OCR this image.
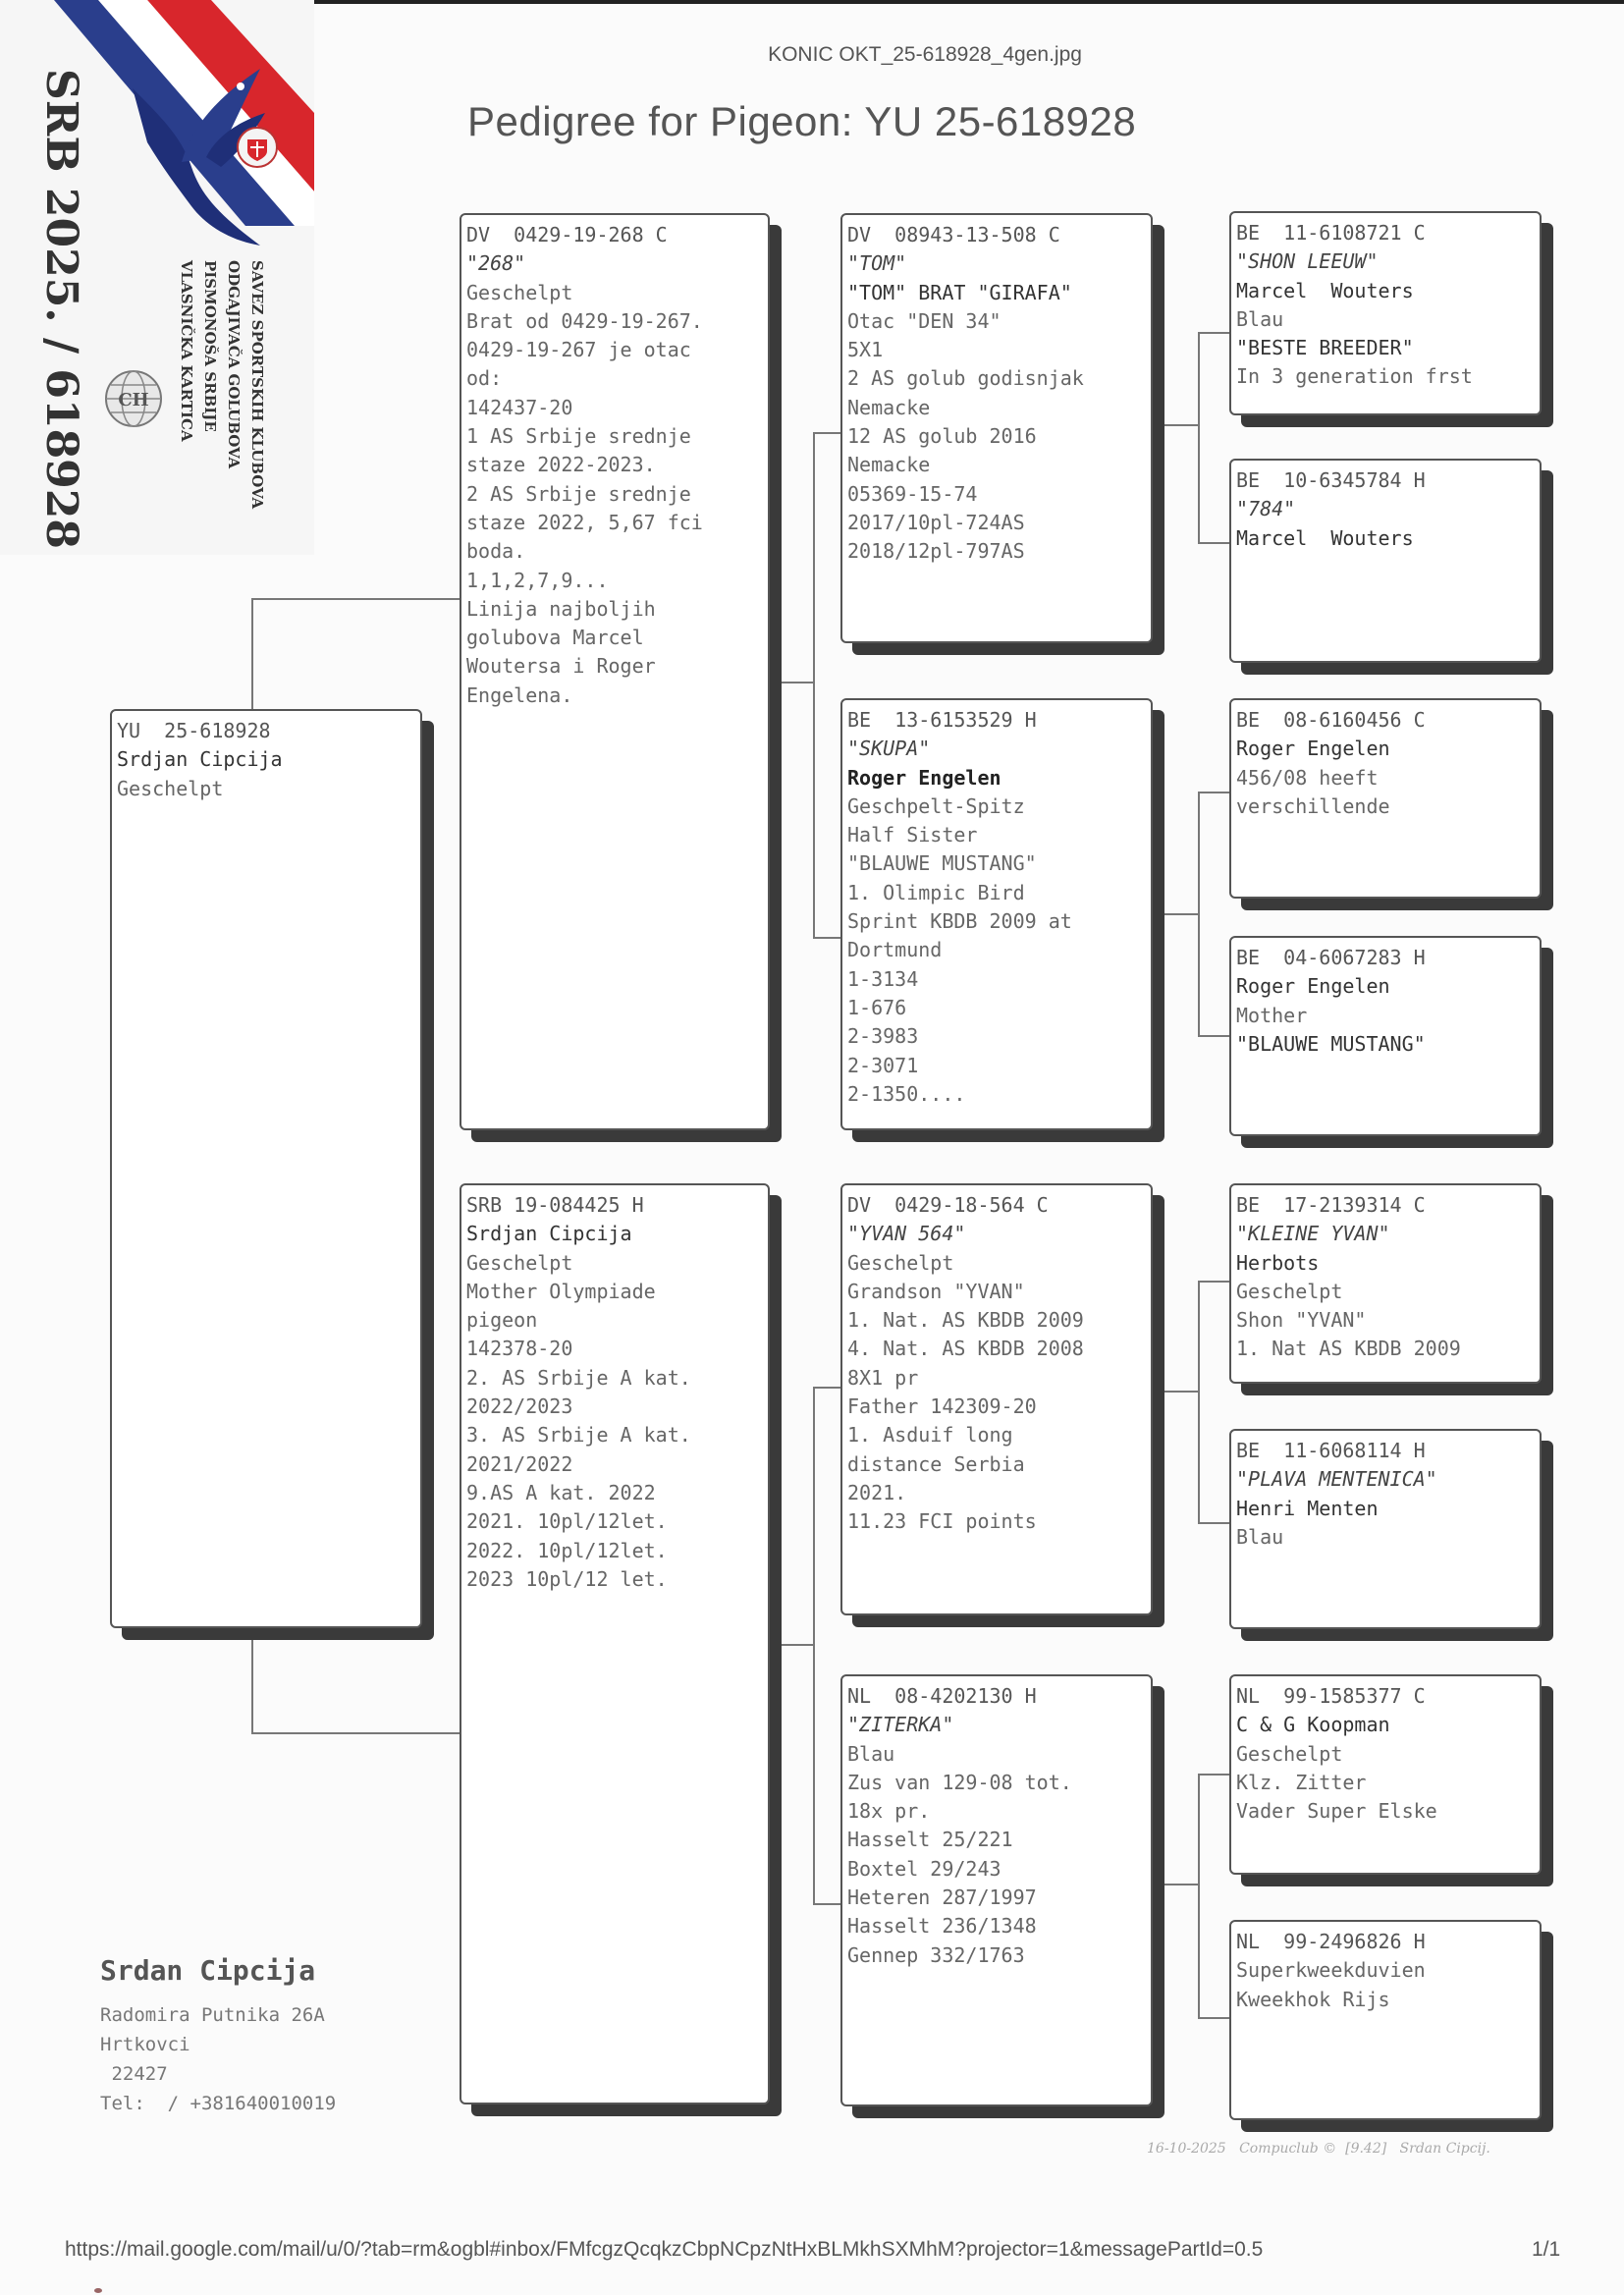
CH
SRB 2025. / 618928	SAVEZ SPORTSKIH KLUBOVA
ODGAJIVAČA GOLUBOVA
PISMONOŠA SRBIJE
VLASNIČKA KARTICA
KONIC OKT_25-618928_4gen.jpg
Pedigree for Pigeon: YU 25-618928
YU  25-618928
Srdjan Cipcija
Geschelpt
DV  0429-19-268 C
"268"
Geschelpt
Brat od 0429-19-267.
0429-19-267 je otac
od:
142437-20
1 AS Srbije srednje
staze 2022-2023.
2 AS Srbije srednje
staze 2022, 5,67 fci
boda.
1,1,2,7,9...
Linija najboljih
golubova Marcel
Woutersa i Roger
Engelena.
SRB 19-084425 H
Srdjan Cipcija
Geschelpt
Mother Olympiade
pigeon
142378-20
2. AS Srbije A kat.
2022/2023
3. AS Srbije A kat.
2021/2022
9.AS A kat. 2022
2021. 10pl/12let.
2022. 10pl/12let.
2023 10pl/12 let.
DV  08943-13-508 C
"TOM"
"TOM" BRAT "GIRAFA"
Otac "DEN 34"
5X1
2 AS golub godisnjak
Nemacke
12 AS golub 2016
Nemacke
05369-15-74
2017/10pl-724AS
2018/12pl-797AS
BE  13-6153529 H
"SKUPA"
Roger Engelen
Geschpelt-Spitz
Half Sister
"BLAUWE MUSTANG"
1. Olimpic Bird
Sprint KBDB 2009 at
Dortmund
1-3134
1-676
2-3983
2-3071
2-1350....
DV  0429-18-564 C
"YVAN 564"
Geschelpt
Grandson "YVAN"
1. Nat. AS KBDB 2009
4. Nat. AS KBDB 2008
8X1 pr
Father 142309-20
1. Asduif long
distance Serbia
2021.
11.23 FCI points
NL  08-4202130 H
"ZITERKA"
Blau
Zus van 129-08 tot.
18x pr.
Hasselt 25/221
Boxtel 29/243
Heteren 287/1997
Hasselt 236/1348
Gennep 332/1763
BE  11-6108721 C
"SHON LEEUW"
Marcel  Wouters
Blau
"BESTE BREEDER"
In 3 generation frst
BE  10-6345784 H
"784"
Marcel  Wouters
BE  08-6160456 C
Roger Engelen
456/08 heeft
verschillende
BE  04-6067283 H
Roger Engelen
Mother
"BLAUWE MUSTANG"
BE  17-2139314 C
"KLEINE YVAN"
Herbots
Geschelpt
Shon "YVAN"
1. Nat AS KBDB 2009
BE  11-6068114 H
"PLAVA MENTENICA"
Henri Menten
Blau
NL  99-1585377 C
C & G Koopman
Geschelpt
Klz. Zitter
Vader Super Elske
NL  99-2496826 H
Superkweekduvien
Kweekhok Rijs
Srdan Cipcija
Radomira Putnika 26A
Hrtkovci
22427
Tel:  / +381640010019
16-10-2025   Compuclub ©  [9.42]   Srdan Cipcij.
https://mail.google.com/mail/u/0/?tab=rm&ogbl#inbox/FMfcgzQcqkzCbpNCpzNtHxBLMkhSXMhM?projector=1&messagePartId=0.5	1/1
